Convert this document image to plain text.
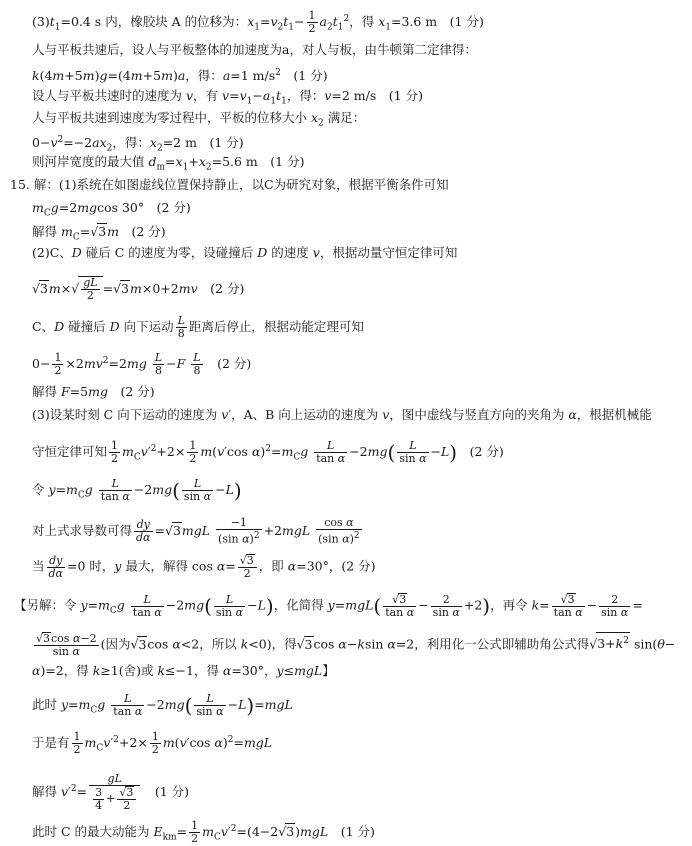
$(3)t_1=0.4$ s 内，橡胶块 A 的位移为：$x_1=v_2t_1- \frac{1}{2} a_2t_1^2$，得 $x_1=3.6$ m　(1 分)
人与平板共速后，设人与平板整体的加速度为a，对人与板，由牛顿第二定律得：
k(4m+5m)g=(4m+5m)a，得：a=1 $m/s^2$　(1 分)
设人与平板共速时的速度为 v，有 $v=v_1-a_1t_1$，得：v=2 m/s　(1 分)
人与平板共速到速度为零过程中，平板的位移大小 $x_2$ 满足：
$0-v^2=-2ax_2$，得：$x_2=2$ m　(1 分)
则河岸宽度的最大值 $d_m=x_1+x_2=5.6$ m　(1 分)
15. 解：(1)系统在如图虚线位置保持静止，以C为研究对象，根据平衡条件可知
$m_Cg=2mgcos$ 30°　(2 分)
解得 $m_C=√3m$　(2 分)
(2)C、D 碰后 C 的速度为零，设碰撞后 D 的速度 v，根据动量守恒定律可知
$√3m\times√ \frac{gL}{2} =√3m\times 0+2mv$　(2 分)
C、D 碰撞后 D 向下运动 $\frac{L}{8}$ 距离后停止，根据动能定理可知
$0- \frac{1}{2} \times 2mv^2=2mg \frac{L}{8} -F \frac{L}{8}$ 　(2 分)
解得 F=5mg　(2 分)
(3)设某时刻 C 向下运动的速度为 v′，A、B 向上运动的速度为 v，图中虚线与竖直方向的夹角为 α，根据机械能
守恒定律可知 $\frac{1}{2} m_Cv'^2+2\times \frac{1}{2} m(v'\cos$ $\alpha)^2=m_Cg \frac{L}{\text{tan α}} -2mg( \frac{L}{\text{sin α}} -L)$　(2 分)
令 $y=m_Cg \frac{L}{\text{tan α}} -2mg( \frac{L}{\text{sin α}} -L)$
对上式求导数可得 $\frac{dy}{d\alpha} =√3mgL \frac{-1}{(\sin \alpha)^2} +2mgL \frac{\text{cos α}}{(\sin \alpha)^2}$
当 $\frac{dy}{d\alpha} =0$ 时，y 最大，解得 $\cos \alpha= \frac{√3}{2}$ ，即 α=30°，(2 分)
【另解：令 $y=m_Cg \frac{L}{\text{tan α}} -2mg( \frac{L}{\text{sin α}} -L)$，化简得 $y=mgL( \frac{√3}{\text{tan α}} - \frac{2}{\text{sin α}} +2)$，再令 $k= \frac{√3}{\text{tan α}} - \frac{2}{\text{sin α}}$ =
$\frac{\text{√3cos α−2}}{\text{sin α}}$ (因为√3cos α<2，所以 k<0)，得√3cos α−ksin α=2，利用化一公式即辅助角公式得$√3+k^2$ sin(θ−
α)=2，得 k≥1(舍)或 k≤−1，得 α=30°，y≤mgL】
此时 $y=m_Cg \frac{L}{\text{tan α}} -2mg( \frac{L}{\text{sin α}} -L)=mgL$
于是有 $\frac{1}{2} m_Cv'^2+2\times \frac{1}{2} m(v'\cos$ α)$^2$=mgL
解得 $v'^2= \frac{gL}{\frac{3}{4} + \frac{√3}{2}}$ 　(1 分)
此时 C 的最大动能为 $E_{km}= \frac{1}{2} m_Cv'^2=(4-2√3)mgL$　(1 分)
